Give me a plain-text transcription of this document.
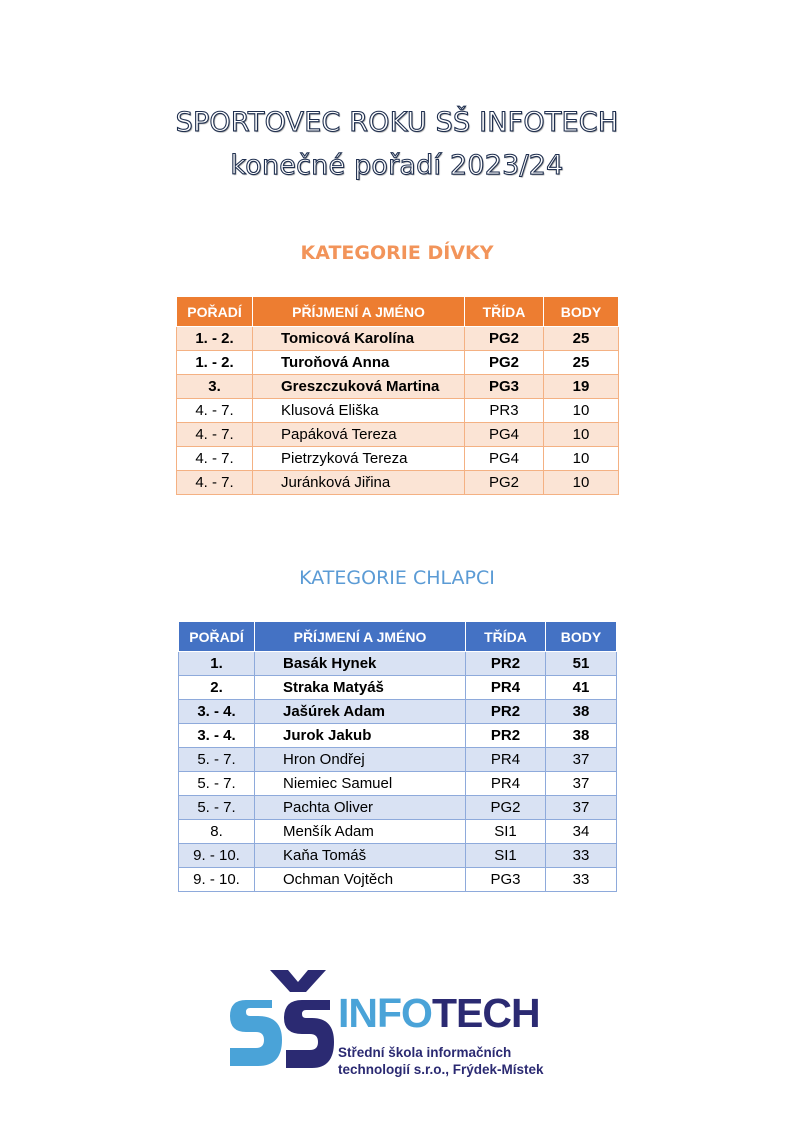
SPORTOVEC ROKU SŠ INFOTECH
konečné pořadí 2023/24
KATEGORIE DÍVKY
POŘADÍ	PŘÍJMENÍ A JMÉNO	TŘÍDA	BODY
1. - 2.	Tomicová Karolína	PG2	25
1. - 2.	Turoňová Anna	PG2	25
3.	Greszczuková Martina	PG3	19
4. - 7.	Klusová Eliška	PR3	10
4. - 7.	Papáková Tereza	PG4	10
4. - 7.	Pietrzyková Tereza	PG4	10
4. - 7.	Juránková Jiřina	PG2	10
KATEGORIE CHLAPCI
POŘADÍ	PŘÍJMENÍ A JMÉNO	TŘÍDA	BODY
1.	Basák Hynek	PR2	51
2.	Straka Matyáš	PR4	41
3. - 4.	Jašúrek Adam	PR2	38
3. - 4.	Jurok Jakub	PR2	38
5. - 7.	Hron Ondřej	PR4	37
5. - 7.	Niemiec Samuel	PR4	37
5. - 7.	Pachta Oliver	PG2	37
8.	Menšík Adam	SI1	34
9. - 10.	Kaňa Tomáš	SI1	33
9. - 10.	Ochman Vojtěch	PG3	33
INFOTECH
Střední škola informačních
technologií s.r.o., Frýdek-Místek
